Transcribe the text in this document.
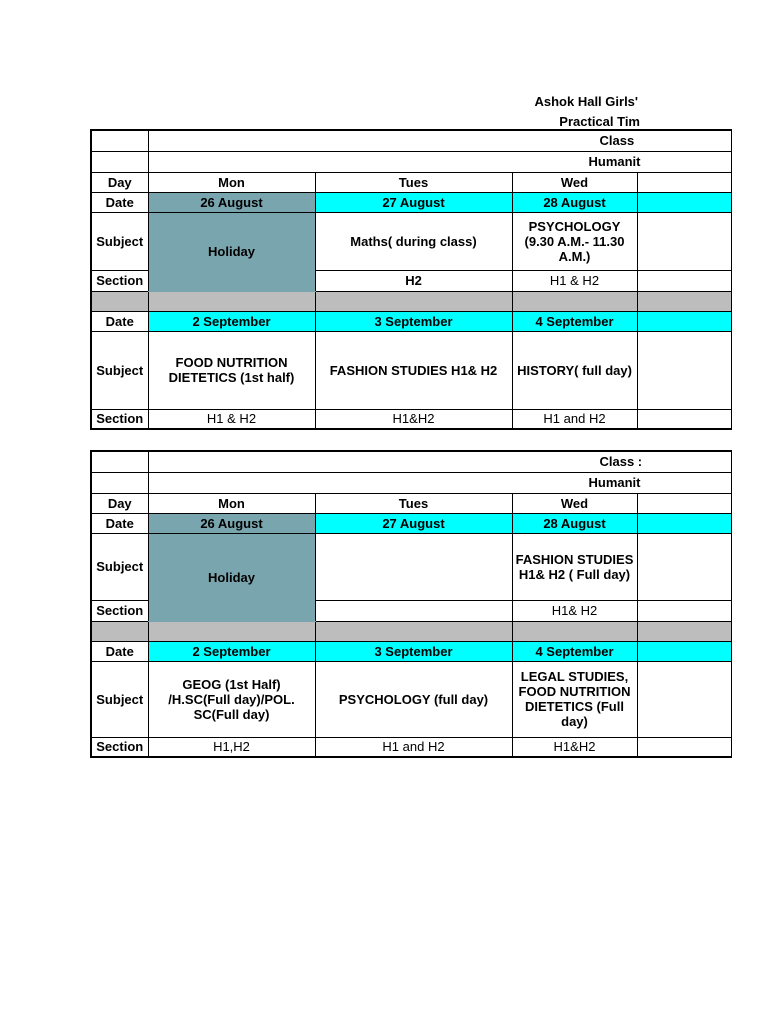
Ashok Hall Girls'
Practical Tim
	Class			
	Humanit			
Day	Mon	Tues	Wed	
Date	26 August	27 August	28 August	
Subject	Holiday	Maths( during class)	PSYCHOLOGY (9.30 A.M.- 11.30 A.M.)	
Section		H2	H1 & H2	

Date	2 September	3 September	4 September	
Subject	FOOD NUTRITION DIETETICS (1st half)	FASHION STUDIES H1& H2	HISTORY( full day)	
Section	H1 & H2	H1&H2	H1 and H2	
	Class :			
	Humanit			
Day	Mon	Tues	Wed	
Date	26 August	27 August	28 August	
Subject	Holiday		FASHION STUDIES H1& H2 ( Full day)	
Section			H1& H2	

Date	2 September	3 September	4 September	
Subject	GEOG (1st Half) /H.SC(Full day)/POL. SC(Full day)	PSYCHOLOGY (full day)	LEGAL STUDIES, FOOD NUTRITION DIETETICS (Full day)	
Section	H1,H2	H1 and H2	H1&H2	
